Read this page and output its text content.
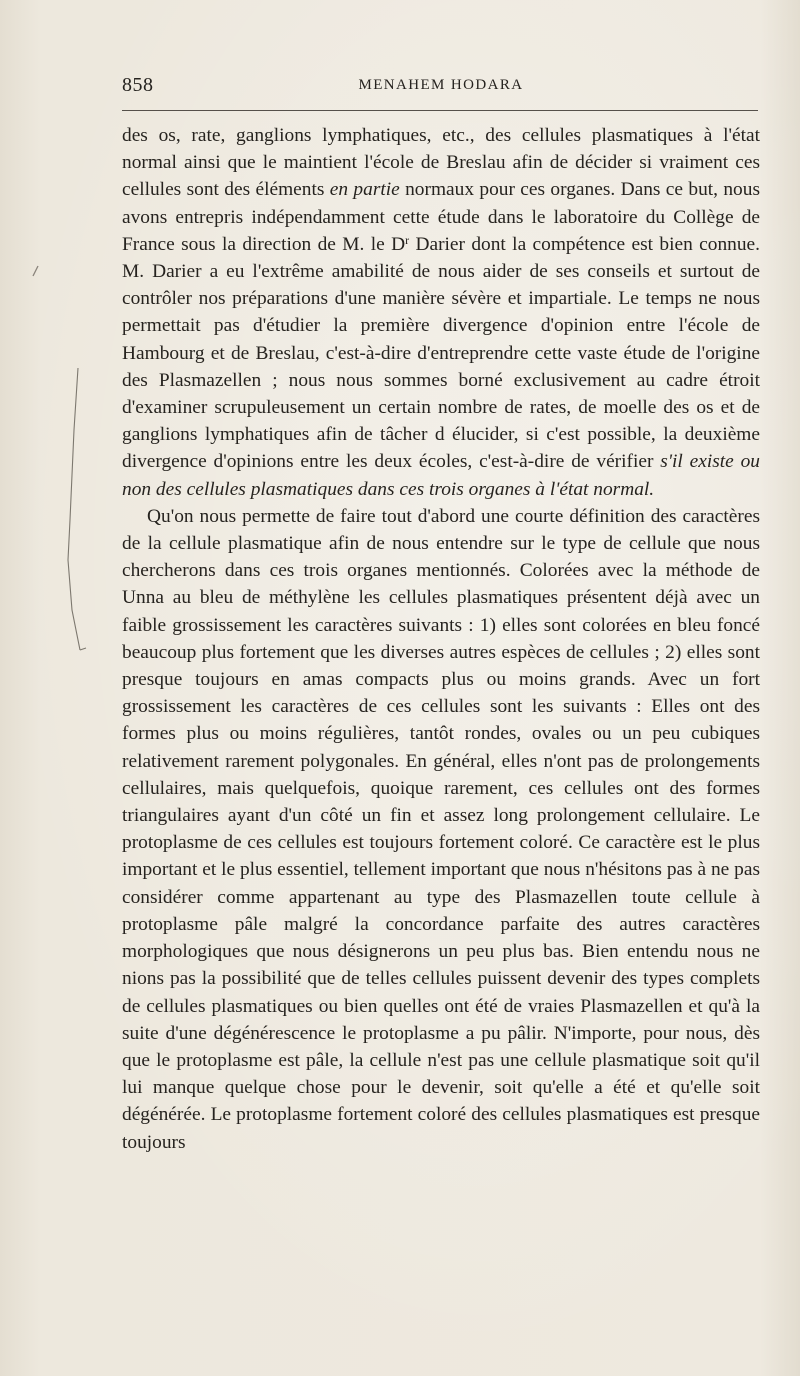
858	MENAHEM HODARA

des os, rate, ganglions lymphatiques, etc., des cellules plasmatiques à l'état normal ainsi que le maintient l'école de Breslau afin de décider si vraiment ces cellules sont des éléments en partie normaux pour ces organes. Dans ce but, nous avons entrepris indépendamment cette étude dans le laboratoire du Collège de France sous la direction de M. le $D^r$ Darier dont la compétence est bien connue. M. Darier a eu l'extrême amabilité de nous aider de ses conseils et surtout de contrôler nos préparations d'une manière sévère et impartiale. Le temps ne nous permettait pas d'étudier la première divergence d'opinion entre l'école de Hambourg et de Breslau, c'est-à-dire d'entreprendre cette vaste étude de l'origine des Plasmazellen ; nous nous sommes borné exclusivement au cadre étroit d'examiner scrupuleusement un certain nombre de rates, de moelle des os et de ganglions lymphatiques afin de tâcher d élucider, si c'est possible, la deuxième divergence d'opinions entre les deux écoles, c'est-à-dire de vérifier s'il existe ou non des cellules plasmatiques dans ces trois organes à l'état normal.

Qu'on nous permette de faire tout d'abord une courte définition des caractères de la cellule plasmatique afin de nous entendre sur le type de cellule que nous chercherons dans ces trois organes mentionnés. Colorées avec la méthode de Unna au bleu de méthylène les cellules plasmatiques présentent déjà avec un faible grossissement les caractères suivants : 1) elles sont colorées en bleu foncé beaucoup plus fortement que les diverses autres espèces de cellules ; 2) elles sont presque toujours en amas compacts plus ou moins grands. Avec un fort grossissement les caractères de ces cellules sont les suivants : Elles ont des formes plus ou moins régulières, tantôt rondes, ovales ou un peu cubiques relativement rarement polygonales. En général, elles n'ont pas de prolongements cellulaires, mais quelquefois, quoique rarement, ces cellules ont des formes triangulaires ayant d'un côté un fin et assez long prolongement cellulaire. Le protoplasme de ces cellules est toujours fortement coloré. Ce caractère est le plus important et le plus essentiel, tellement important que nous n'hésitons pas à ne pas considérer comme appartenant au type des Plasmazellen toute cellule à protoplasme pâle malgré la concordance parfaite des autres caractères morphologiques que nous désignerons un peu plus bas. Bien entendu nous ne nions pas la possibilité que de telles cellules puissent devenir des types complets de cellules plasmatiques ou bien quelles ont été de vraies Plasmazellen et qu'à la suite d'une dégénérescence le protoplasme a pu pâlir. N'importe, pour nous, dès que le protoplasme est pâle, la cellule n'est pas une cellule plasmatique soit qu'il lui manque quelque chose pour le devenir, soit qu'elle a été et qu'elle soit dégénérée. Le protoplasme fortement coloré des cellules plasmatiques est presque toujours
